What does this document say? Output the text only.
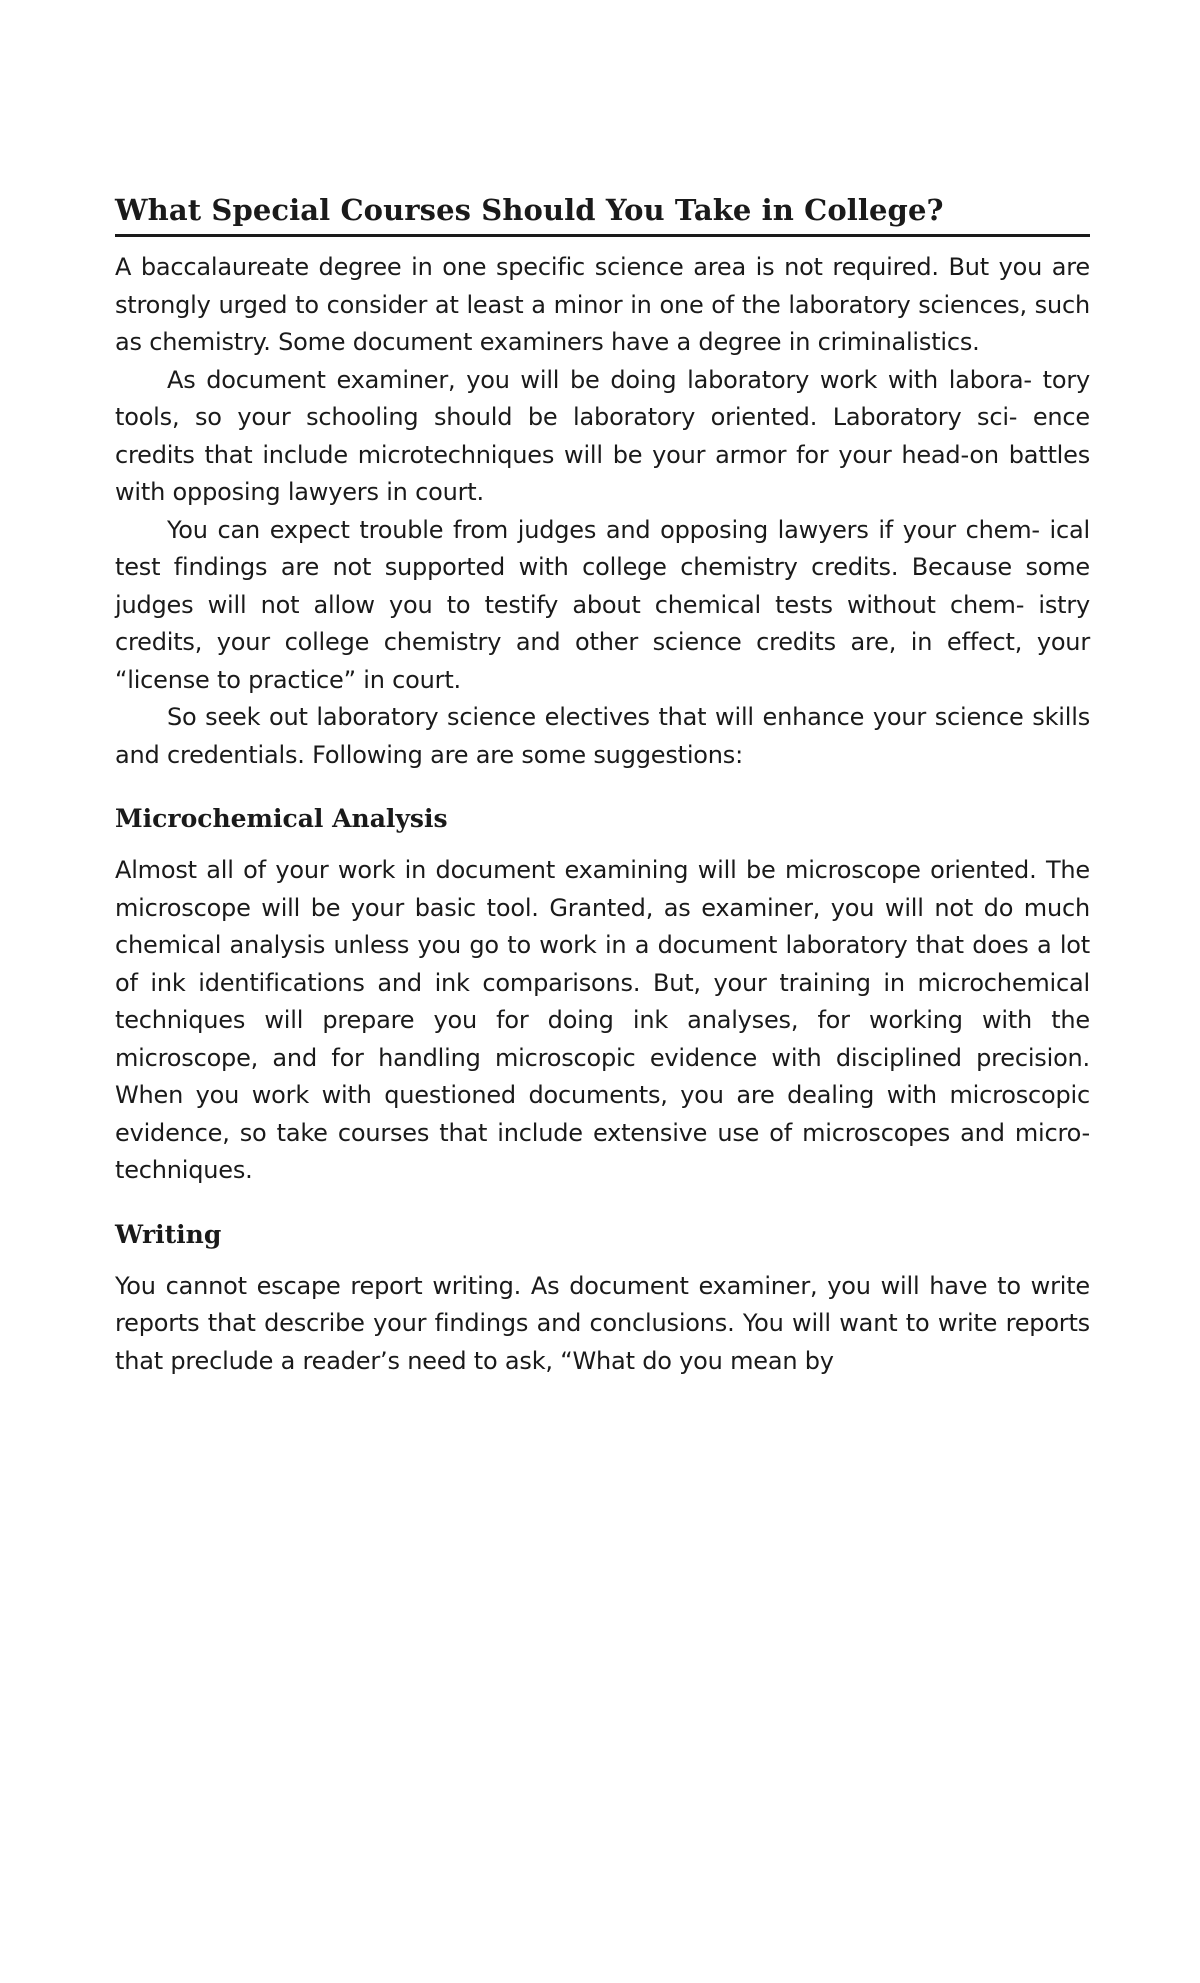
What Special Courses Should You Take in College?

A baccalaureate degree in one specific science area is not required. But you are strongly urged to consider at least a minor in one of the laboratory sciences, such as chemistry. Some document examiners have a degree in criminalistics.

As document examiner, you will be doing laboratory work with labora- tory tools, so your schooling should be laboratory oriented. Laboratory sci- ence credits that include microtechniques will be your armor for your head-on battles with opposing lawyers in court.

You can expect trouble from judges and opposing lawyers if your chem- ical test findings are not supported with college chemistry credits. Because some judges will not allow you to testify about chemical tests without chem- istry credits, your college chemistry and other science credits are, in effect, your “license to practice” in court.

So seek out laboratory science electives that will enhance your science skills and credentials. Following are are some suggestions:

Microchemical Analysis

Almost all of your work in document examining will be microscope oriented. The microscope will be your basic tool. Granted, as examiner, you will not do much chemical analysis unless you go to work in a document laboratory that does a lot of ink identifications and ink comparisons. But, your training in microchemical techniques will prepare you for doing ink analyses, for working with the microscope, and for handling microscopic evidence with disciplined precision. When you work with questioned documents, you are dealing with microscopic evidence, so take courses that include extensive use of microscopes and micro-techniques.

Writing

You cannot escape report writing. As document examiner, you will have to write reports that describe your findings and conclusions. You will want to write reports that preclude a reader’s need to ask, “What do you mean by
